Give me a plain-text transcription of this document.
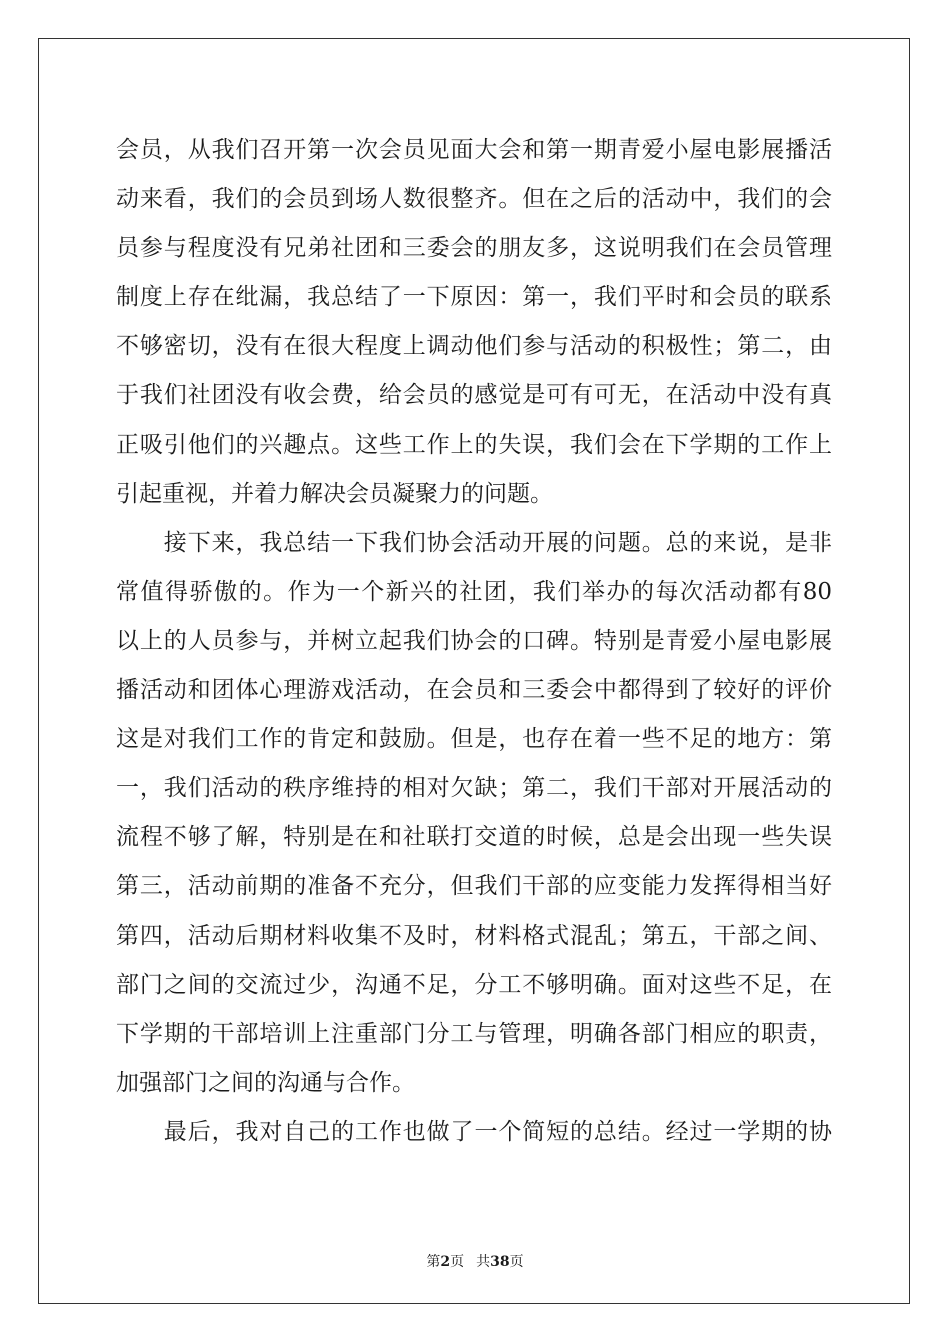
会员，从我们召开第一次会员见面大会和第一期青爱小屋电影展播活
动来看，我们的会员到场人数很整齐。但在之后的活动中，我们的会
员参与程度没有兄弟社团和三委会的朋友多，这说明我们在会员管理
制度上存在纰漏，我总结了一下原因：第一，我们平时和会员的联系
不够密切，没有在很大程度上调动他们参与活动的积极性；第二，由
于我们社团没有收会费，给会员的感觉是可有可无，在活动中没有真
正吸引他们的兴趣点。这些工作上的失误，我们会在下学期的工作上
引起重视，并着力解决会员凝聚力的问题。
　　接下来，我总结一下我们协会活动开展的问题。总的来说，是非
常值得骄傲的。作为一个新兴的社团，我们举办的每次活动都有80
以上的人员参与，并树立起我们协会的口碑。特别是青爱小屋电影展
播活动和团体心理游戏活动，在会员和三委会中都得到了较好的评价
这是对我们工作的肯定和鼓励。但是，也存在着一些不足的地方：第
一，我们活动的秩序维持的相对欠缺；第二，我们干部对开展活动的
流程不够了解，特别是在和社联打交道的时候，总是会出现一些失误
第三，活动前期的准备不充分，但我们干部的应变能力发挥得相当好
第四，活动后期材料收集不及时，材料格式混乱；第五，干部之间、
部门之间的交流过少，沟通不足，分工不够明确。面对这些不足，在
下学期的干部培训上注重部门分工与管理，明确各部门相应的职责，
加强部门之间的沟通与合作。
　　最后，我对自己的工作也做了一个简短的总结。经过一学期的协
第2页 共38页
